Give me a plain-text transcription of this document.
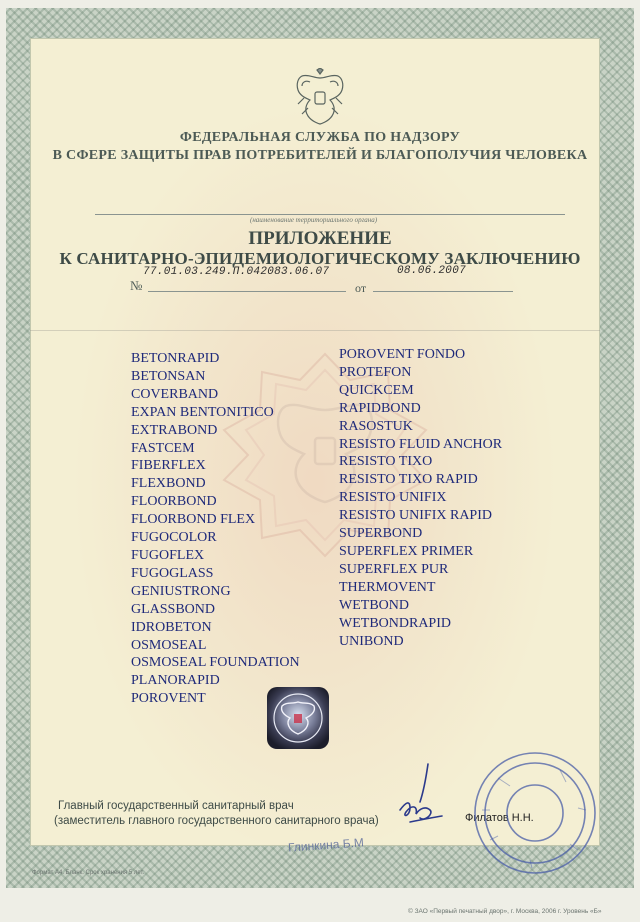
ФЕДЕРАЛЬНАЯ СЛУЖБА ПО НАДЗОРУ
В СФЕРЕ ЗАЩИТЫ ПРАВ ПОТРЕБИТЕЛЕЙ И БЛАГОПОЛУЧИЯ ЧЕЛОВЕКА
(наименование территориального органа)
ПРИЛОЖЕНИЕ
К САНИТАРНО-ЭПИДЕМИОЛОГИЧЕСКОМУ ЗАКЛЮЧЕНИЮ
77.01.03.249.П.042083.06.07	08.06.2007
№	от
BETONRAPID
BETONSAN
COVERBAND
EXPAN BENTONITICO
EXTRABOND
FASTCEM
FIBERFLEX
FLEXBOND
FLOORBOND
FLOORBOND FLEX
FUGOCOLOR
FUGOFLEX
FUGOGLASS
GENIUSTRONG
GLASSBOND
IDROBETON
OSMOSEAL
OSMOSEAL FOUNDATION
PLANORAPID
POROVENT
POROVENT FONDO
PROTEFON
QUICKCEM
RAPIDBOND
RASOSTUK
RESISTO FLUID ANCHOR
RESISTO TIXO
RESISTO TIXO RAPID
RESISTO UNIFIX
RESISTO UNIFIX RAPID
SUPERBOND
SUPERFLEX PRIMER
SUPERFLEX PUR
THERMOVENT
WETBOND
WETBONDRAPID
UNIBOND
Главный государственный санитарный врач
(заместитель главного государственного санитарного врача)	Филатов Н.Н.
Глинкина Б.М
Формат А4. Бланк. Срок хранения 5 лет.
© ЗАО «Первый печатный двор», г. Москва, 2006 г. Уровень «Б»
